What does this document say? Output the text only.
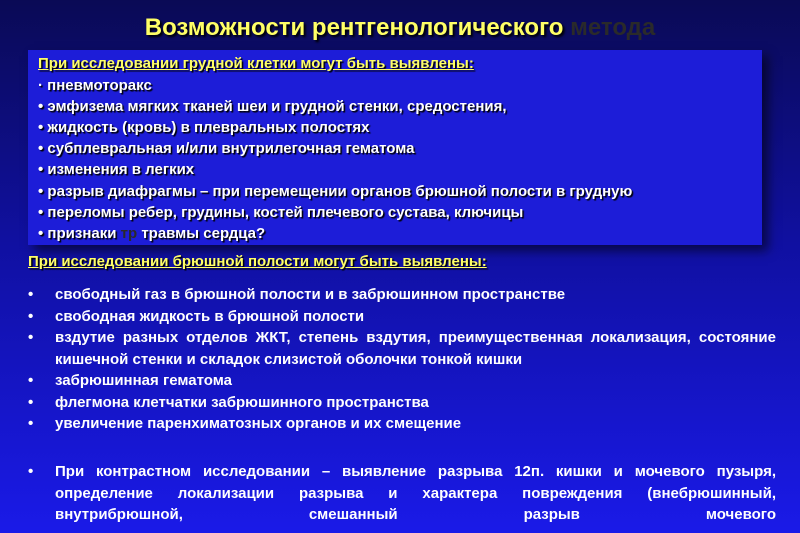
Возможности рентгенологического метода
При исследовании грудной клетки могут быть выявлены:
· пневмоторакс
• эмфизема мягких тканей шеи и грудной стенки, средостения,
• жидкость (кровь) в плевральных полостях
• субплевральная и/или внутрилегочная гематома
• изменения в легких
• разрыв диафрагмы – при перемещении органов брюшной полости в грудную
• переломы ребер, грудины, костей плечевого сустава, ключицы
• признаки тр травмы сердца?
При исследовании брюшной полости могут быть выявлены:
• свободный газ в брюшной полости и в забрюшинном пространстве
• свободная жидкость в брюшной полости
• вздутие разных отделов ЖКТ, степень вздутия, преимущественная локализация, состояние кишечной стенки и складок слизистой оболочки тонкой кишки
• забрюшинная гематома
• флегмона клетчатки забрюшинного пространства
• увеличение паренхиматозных органов и их смещение
• При контрастном исследовании – выявление разрыва 12п. кишки и мочевого пузыря, определение локализации разрыва и характера повреждения (внебрюшинный, внутрибрюшной, смешанный разрыв мочевого
